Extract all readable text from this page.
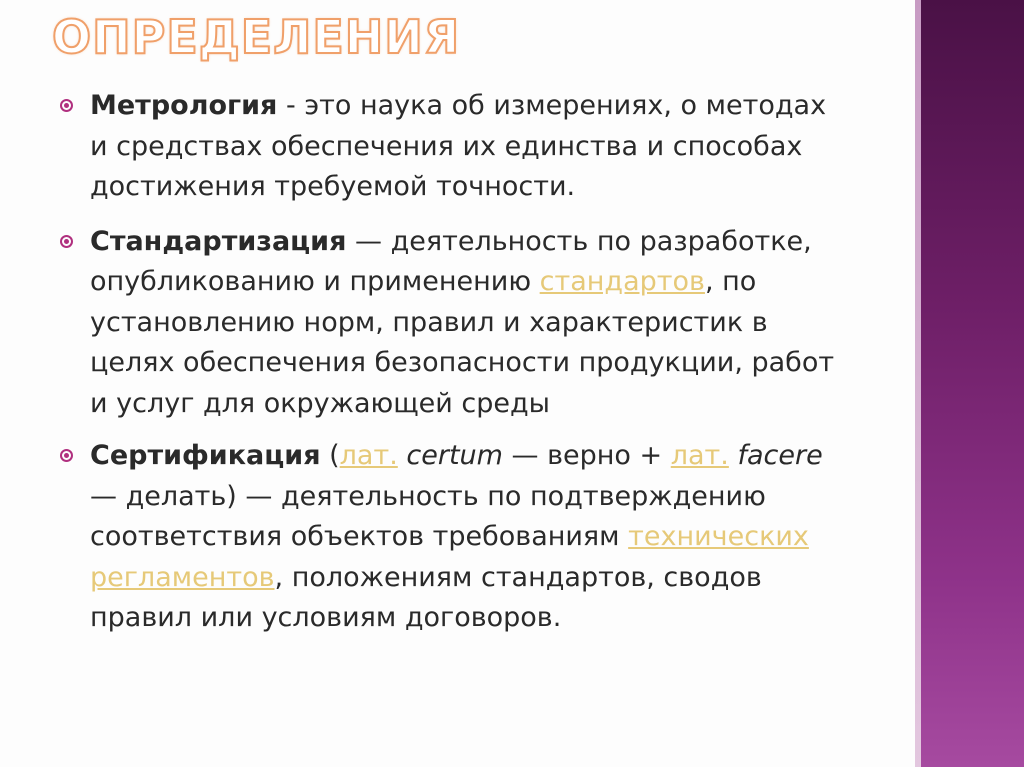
ОПРЕДЕЛЕНИЯ
Метрология - это наука об измерениях, о методах и средствах обеспечения их единства и способах достижения требуемой точности.
Стандартизация — деятельность по разработке, опубликованию и применению стандартов, по установлению норм, правил и характеристик в целях обеспечения безопасности продукции, работ и услуг для окружающей среды
Сертификация (лат. certum — верно + лат. facere — делать) — деятельность по подтверждению соответствия объектов требованиям технических регламентов, положениям стандартов, сводов правил или условиям договоров.
